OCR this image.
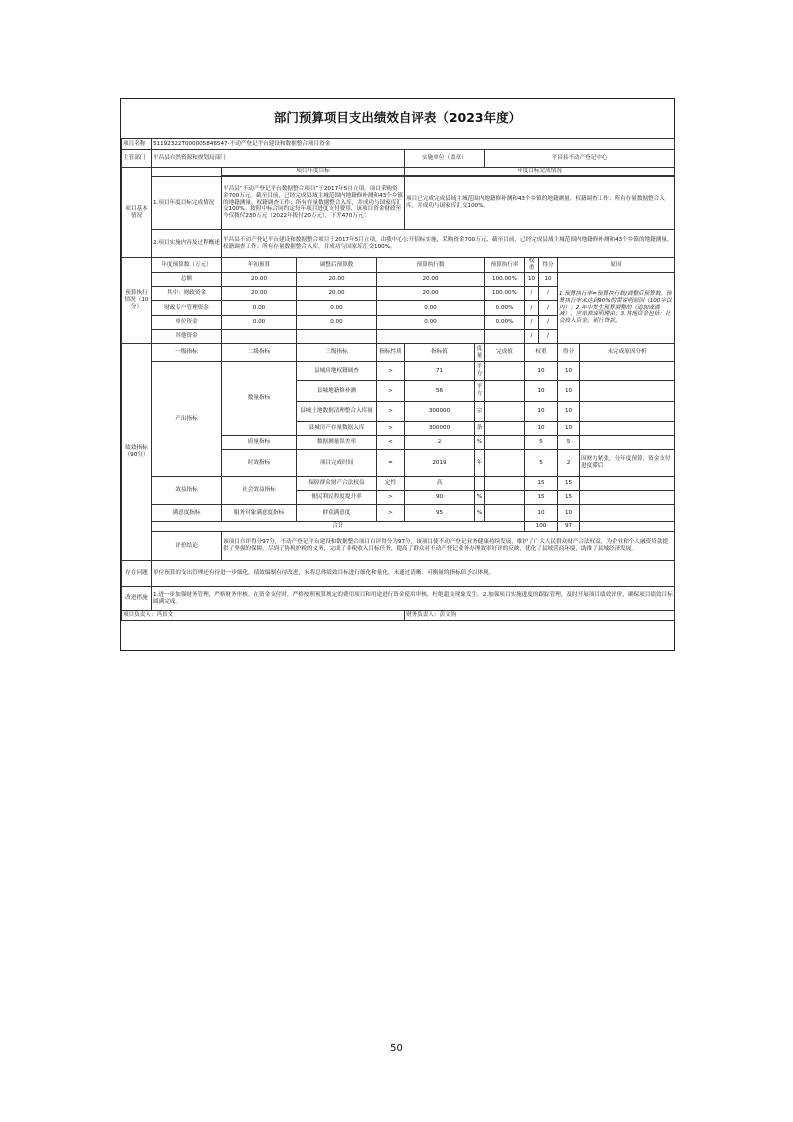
部门预算项目支出绩效自评表（2023年度）
项目名称	51192322T000005846547-不动产登记平台建设和数据整合项目资金										
主管部门	平昌县自然资源和规划局部门				实施单位（盖章）		平昌县不动产登记中心				
项目基本情况		项目年度目标			年度目标完成情况						

	1.项目年度目标完成情况	平昌县“不动产登记平台数据整合项目”于2017年5月立项，项目采购资金700万元。截至目前，已经完成县域主城范围内地籍修补测和43个乡镇的地籍测量、权籍调查工作；所有存量数据整合入库，并成功与国家库汇交100%。按照中标合同约定每年项目进度支付费用，该项目资金财政至今仅拨付230万元（2022年拨付20万元），下差470万元！			项目已完成完成县域主城范围内地籍修补测和43个乡镇的地籍测量、权籍调查工作；所有存量数据整合入库，并成功与国家库汇交100%。						
	2.项目实施内容及过程概述	平昌县不动产登记平台建设和数据整合项目于2017年5月立项，由我中心公开招标实施，采购资金700万元，截至目前，已经完成县域主城范围内地籍修补测和43个乡镇的地籍测量、权籍调查工作；所有存量数据整合入库，并成功与国家库汇交100%。									
预算执行情况（10分）	年度预算数（万元）	年初预算	调整后预算数	预算执行数			预算执行率	权重	得分	原因	
	总额	20.00	20.00	20.00			100.00%	10	10	1.预算执行率=预算执行数/调整后预算数。预算执行率未达到90%的需说明原因（100字以内）；2.年中发生预算调整的（追加或调减），应单独说明理由；3.其他资金包括：社会投入资金、银行贷款。	
	其中：财政资金	20.00	20.00	20.00			100.00%	/	/		
	财政专户管理资金	0.00	0.00	0.00			0.00%	/	/		
	单位资金	0.00	0.00	0.00			0.00%	/	/		
	其他资金							/	/		
绩效指标（90分）	一级指标	二级指标	三级指标	指标性质	指标值	度量	完成值	权重		得分	未完成原因分析
	产出指标	数量指标	县城房地权籍调查	>	71	平方		10		10	
			县城地籍修补测	>	56	平方		10		10	
			县城土地数据清理整合入库量	>	300000	宗		10		10	
			县城房产存量数据入库	>	300000	条		10		10	
		质量指标	数据测量误差率	<	2	%		5		5	
		时效指标	项目完成时间	=	2019	年		5		2	因财力紧张，分年度预算，资金支付进度滞后
	效益指标	社会效益指标	保障群众财产合法权益	定性	高			15		15	
			便民利民程度提升率	>	90	%		15		15	
	满意度指标	服务对象满意度指标	群众满意度	>	95	%		10		10	
	合计							100		97	
	评价结论	该项目自评得分97分，不动产登记平台建设和数据整合项目自评得分为97分，该项目使不动产登记业务健康持续发展，维护了广大人民群众财产合法权益，为企业和个人融资贷款提供了坚强的保障，尽到了协税护税的义务，完成了非税收入目标任务，提高了群众对不动产登记业务办理效率好评的反映，优化了县域营商环境，助推了县域经济发展。									
存在问题	单位预算的支出管理还有待进一步细化，绩效编制有待改进，未将总体绩效目标进行细化和量化，未通过清晰、可衡量的指标值予以体现。										
改进措施	1.进一步加强财务管理，严格财务审核。在资金支付时，严格按照预算规定的费用项目和用途进行资金使用审核，杜绝超支现象发生。2.加强项目实施进度的跟踪管理，及时开展项目绩效评价，确保项目绩效目标圆满完成。										
项目负责人：冯景文					财务负责人：彭文钧						
50
